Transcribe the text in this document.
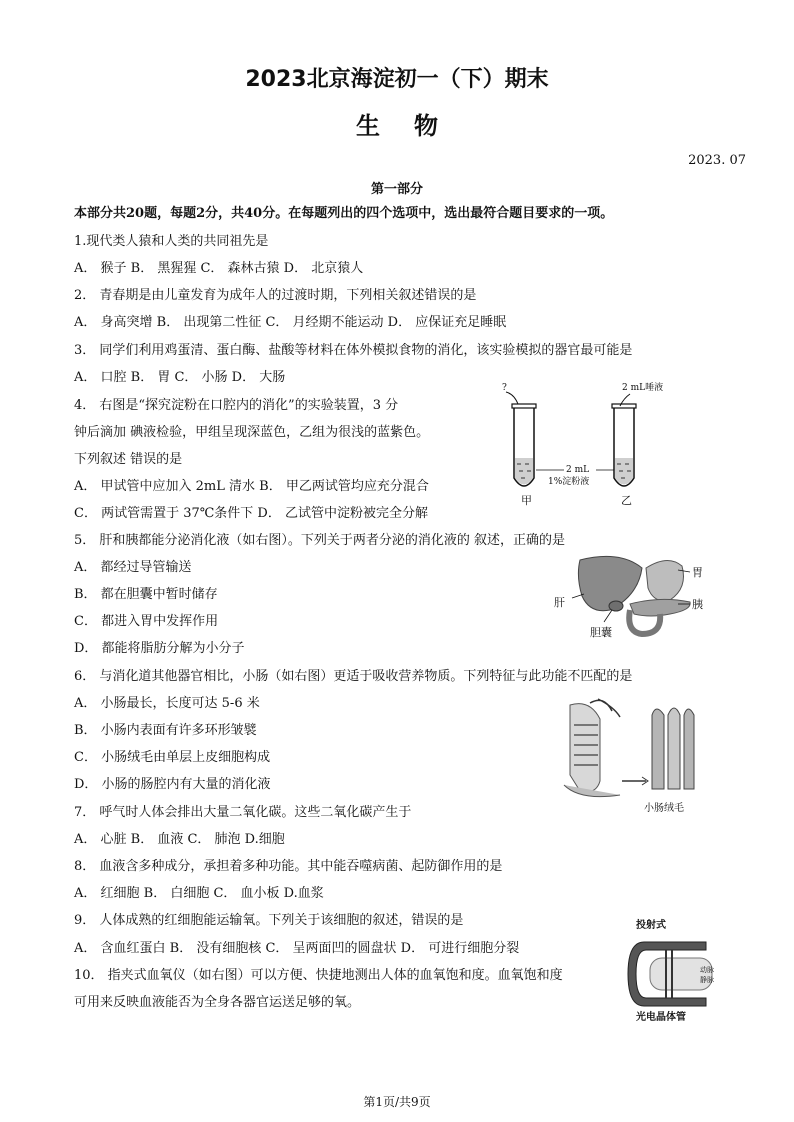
2023北京海淀初一（下）期末
生物
2023. 07
第一部分
本部分共20题，每题2分，共40分。在每题列出的四个选项中，选出最符合题目要求的一项。
1.现代类人猿和人类的共同祖先是
A． 猴子 B． 黑猩猩 C． 森林古猿 D． 北京猿人
2． 青春期是由儿童发育为成年人的过渡时期，下列相关叙述错误的是
A． 身高突增 B． 出现第二性征 C． 月经期不能运动 D． 应保证充足睡眠
3． 同学们利用鸡蛋清、蛋白酶、盐酸等材料在体外模拟食物的消化，该实验模拟的器官最可能是
A． 口腔 B． 胃 C． 小肠 D． 大肠
4． 右图是“探究淀粉在口腔内的消化”的实验装置，3 分
钟后滴加 碘液检验，甲组呈现深蓝色，乙组为很浅的蓝紫色。
下列叙述 错误的是
A． 甲试管中应加入 2mL 清水 B． 甲乙两试管均应充分混合
C． 两试管需置于 37℃条件下 D． 乙试管中淀粉被完全分解
5． 肝和胰都能分泌消化液（如右图）。下列关于两者分泌的消化液的 叙述，正确的是
A． 都经过导管输送
B． 都在胆囊中暂时储存
C． 都进入胃中发挥作用
D． 都能将脂肪分解为小分子
6． 与消化道其他器官相比，小肠（如右图）更适于吸收营养物质。下列特征与此功能不匹配的是
A． 小肠最长，长度可达 5-6 米
B． 小肠内表面有许多环形皱襞
C． 小肠绒毛由单层上皮细胞构成
D． 小肠的肠腔内有大量的消化液
7． 呼气时人体会排出大量二氧化碳。这些二氧化碳产生于
A． 心脏 B． 血液 C． 肺泡 D.细胞
8． 血液含多种成分，承担着多种功能。其中能吞噬病菌、起防御作用的是
A． 红细胞 B． 白细胞 C． 血小板 D.血浆
9． 人体成熟的红细胞能运输氧。下列关于该细胞的叙述，错误的是
A． 含血红蛋白 B． 没有细胞核 C． 呈两面凹的圆盘状 D． 可进行细胞分裂
10． 指夹式血氧仪（如右图）可以方便、快捷地测出人体的血氧饱和度。血氧饱和度
可用来反映血液能否为全身各器官运送足够的氧。
?	2 mL唾液
2 mL
1%淀粉液
甲	乙
胃
肝	胰
胆囊
小肠绒毛
投射式
动脉
静脉
光电晶体管
第1页/共9页
